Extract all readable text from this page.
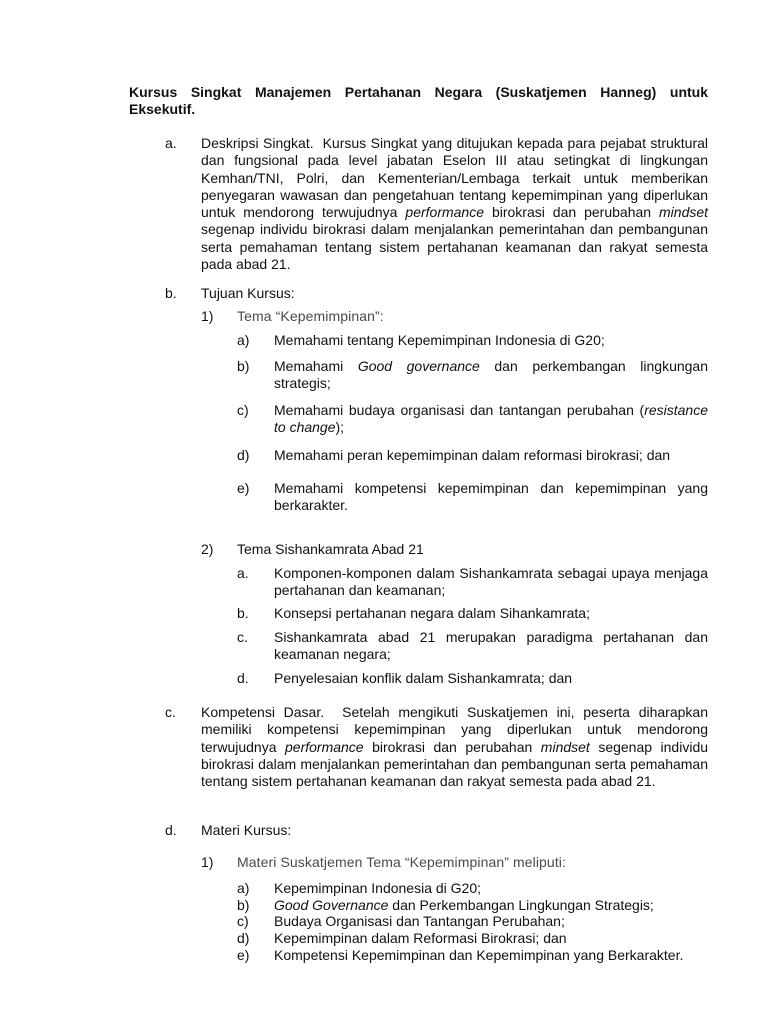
Kursus Singkat Manajemen Pertahanan Negara (Suskatjemen Hanneg) untuk Eksekutif.
a. Deskripsi Singkat. Kursus Singkat yang ditujukan kepada para pejabat struktural dan fungsional pada level jabatan Eselon III atau setingkat di lingkungan Kemhan/TNI, Polri, dan Kementerian/Lembaga terkait untuk memberikan penyegaran wawasan dan pengetahuan tentang kepemimpinan yang diperlukan untuk mendorong terwujudnya performance birokrasi dan perubahan mindset segenap individu birokrasi dalam menjalankan pemerintahan dan pembangunan serta pemahaman tentang sistem pertahanan keamanan dan rakyat semesta pada abad 21.
b. Tujuan Kursus:
1) Tema “Kepemimpinan”:
a) Memahami tentang Kepemimpinan Indonesia di G20;
b) Memahami Good governance dan perkembangan lingkungan strategis;
c) Memahami budaya organisasi dan tantangan perubahan (resistance to change);
d) Memahami peran kepemimpinan dalam reformasi birokrasi; dan
e) Memahami kompetensi kepemimpinan dan kepemimpinan yang berkarakter.
2) Tema Sishankamrata Abad 21
a. Komponen-komponen dalam Sishankamrata sebagai upaya menjaga pertahanan dan keamanan;
b. Konsepsi pertahanan negara dalam Sihankamrata;
c. Sishankamrata abad 21 merupakan paradigma pertahanan dan keamanan negara;
d. Penyelesaian konflik dalam Sishankamrata; dan
c. Kompetensi Dasar. Setelah mengikuti Suskatjemen ini, peserta diharapkan memiliki kompetensi kepemimpinan yang diperlukan untuk mendorong terwujudnya performance birokrasi dan perubahan mindset segenap individu birokrasi dalam menjalankan pemerintahan dan pembangunan serta pemahaman tentang sistem pertahanan keamanan dan rakyat semesta pada abad 21.
d. Materi Kursus:
1) Materi Suskatjemen Tema “Kepemimpinan” meliputi:
a) Kepemimpinan Indonesia di G20;
b) Good Governance dan Perkembangan Lingkungan Strategis;
c) Budaya Organisasi dan Tantangan Perubahan;
d) Kepemimpinan dalam Reformasi Birokrasi; dan
e) Kompetensi Kepemimpinan dan Kepemimpinan yang Berkarakter.
